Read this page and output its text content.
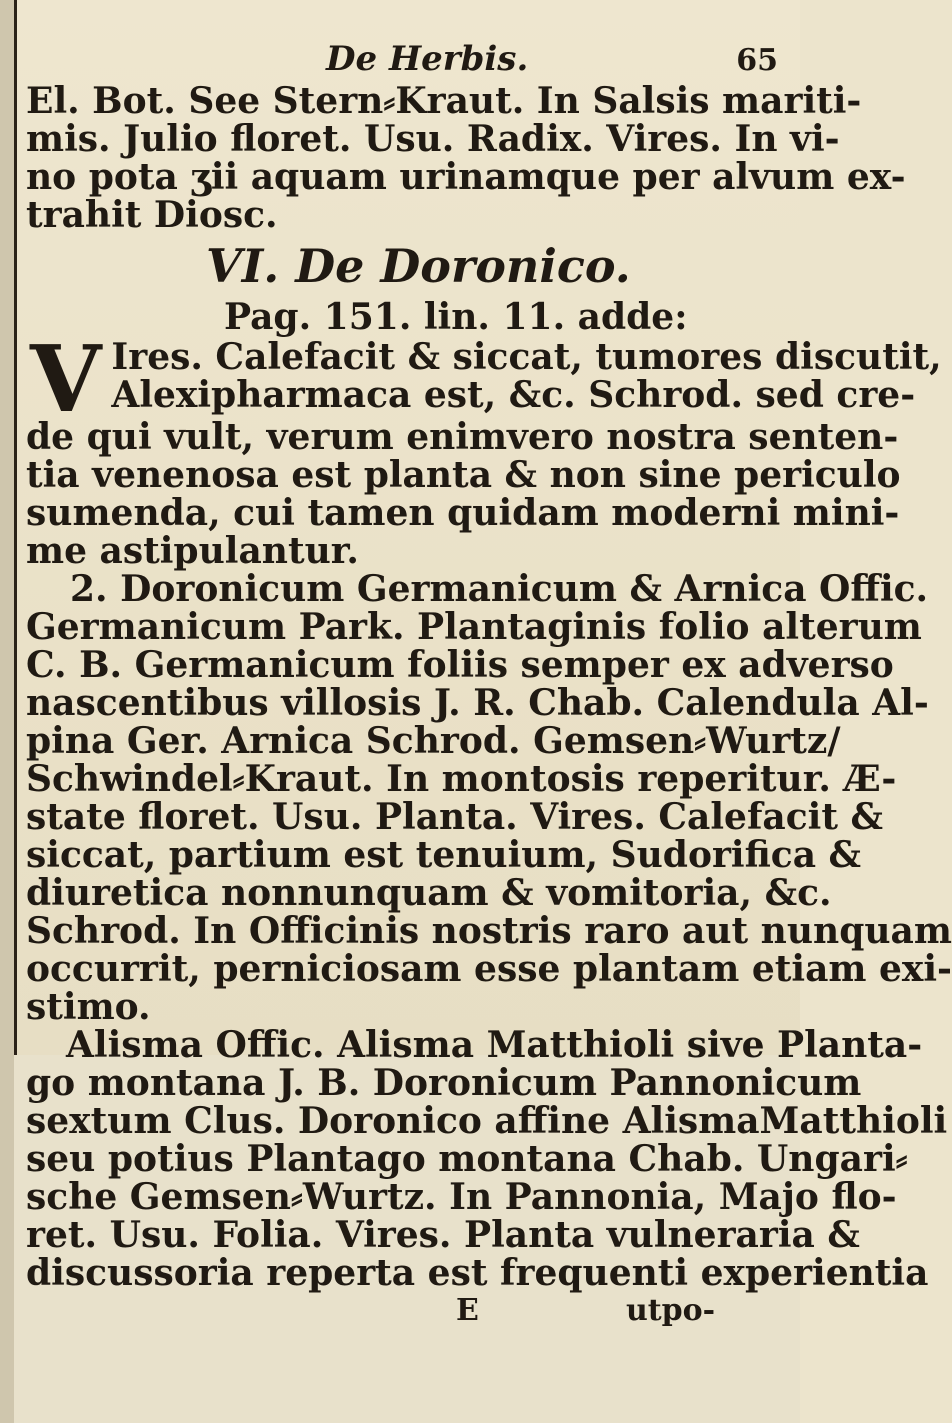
De Herbis.	65
El. Bot. See Stern⸗Kraut. In Salsis mariti-
mis. Julio floret. Usu. Radix. Vires. In vi-
no pota ʒii aquam urinamque per alvum ex-
trahit Diosc.
VI. De Doronico.
Pag. 151. lin. 11. adde:
V Ires. Calefacit & siccat, tumores discutit,
Alexipharmaca est, &c. Schrod. sed cre-
de qui vult, verum enimvero nostra senten-
tia venenosa est planta & non sine periculo
sumenda, cui tamen quidam moderni mini-
me astipulantur.
2. Doronicum Germanicum & Arnica Offic.
Germanicum Park. Plantaginis folio alterum
C. B. Germanicum foliis semper ex adverso
nascentibus villosis J. R. Chab. Calendula Al-
pina Ger. Arnica Schrod. Gemsen⸗Wurtz/
Schwindel⸗Kraut. In montosis reperitur. Æ-
state floret. Usu. Planta. Vires. Calefacit &
siccat, partium est tenuium, Sudorifica &
diuretica nonnunquam & vomitoria, &c.
Schrod. In Officinis nostris raro aut nunquam
occurrit, perniciosam esse plantam etiam exi-
stimo.
Alisma Offic. Alisma Matthioli sive Planta-
go montana J. B. Doronicum Pannonicum
sextum Clus. Doronico affine AlismaMatthioli
seu potius Plantago montana Chab. Ungari⸗
sche Gemsen⸗Wurtz. In Pannonia, Majo flo-
ret. Usu. Folia. Vires. Planta vulneraria &
discussoria reperta est frequenti experientia
E	utpo-
